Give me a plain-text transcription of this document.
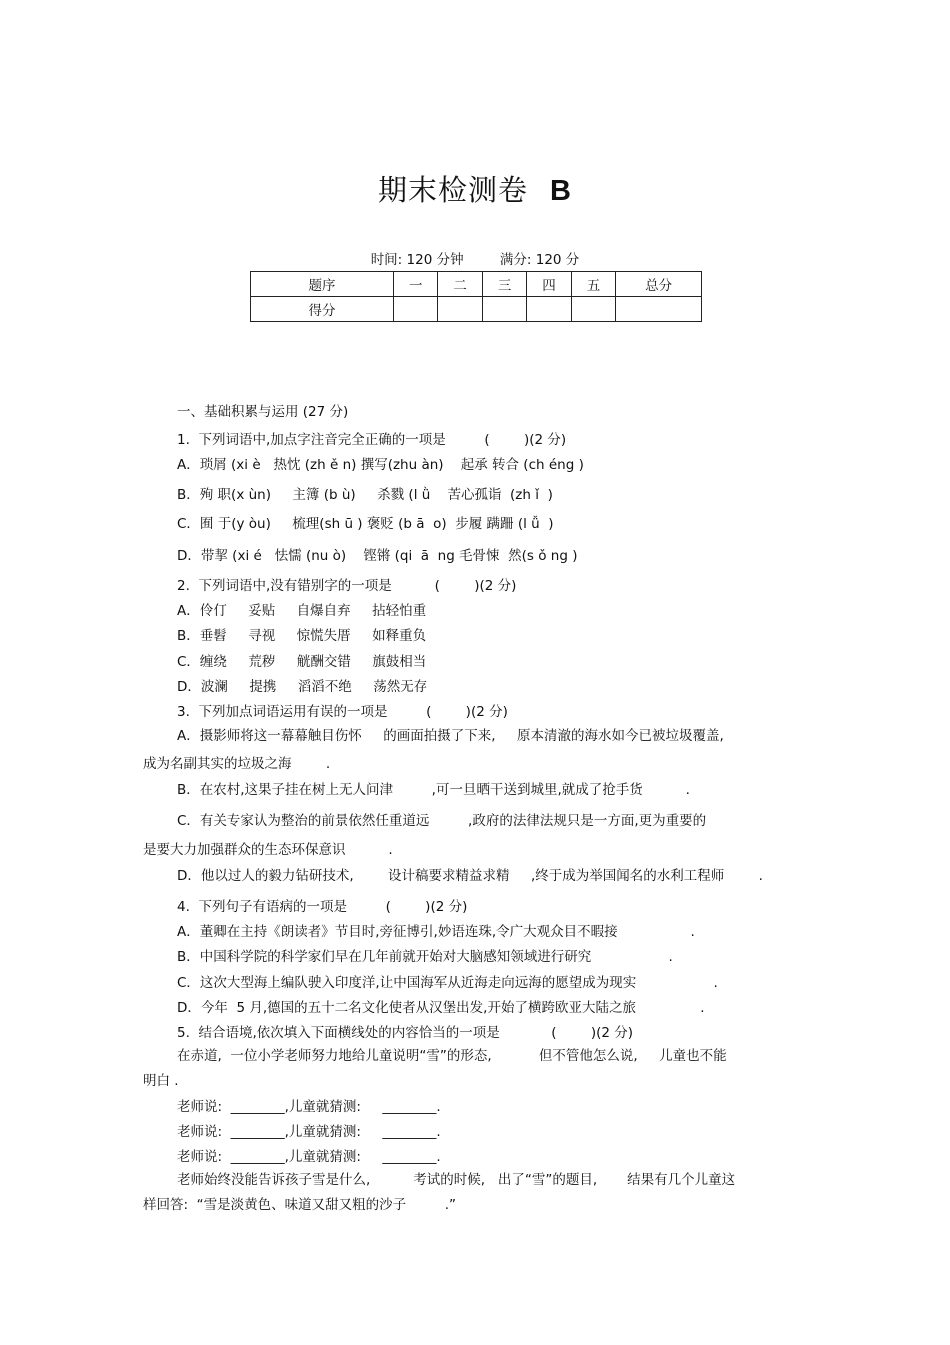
期末检测卷 B
时间: 120 分钟	满分: 120 分
题序	一	二	三	四	五	总分
得分						
一、基础积累与运用 (27 分)
1.  下列词语中,加点字注音完全正确的一项是         (        )(2 分)
A．琐屑 (xi è   热忱 (zh ě n) 撰写(zhu àn)    起承 转合 (ch éng )
B．殉 职(x ùn)     主簿 (b ù)     杀戮 (l ǜ    苦心孤诣  (zh ǐ  )
C．囿 于(y òu)     梳理(sh ū ) 褒贬 (b ā  o)  步履 蹒跚 (l ǚ  )
D．带挈 (xi é   怯懦 (nu ò)    铿锵 (qi  ā  ng 毛骨悚  然(s ǒ ng )
2.  下列词语中,没有错别字的一项是          (        )(2 分)
A．伶仃     妥贴     自爆自弃     拈轻怕重
B．垂髫     寻视     惊慌失厝     如释重负
C．缠绕     荒秽     觥酬交错     旗鼓相当
D．波澜     提携     滔滔不绝     荡然无存
3.  下列加点词语运用有误的一项是         (        )(2 分)
A．摄影师将这一幕幕触目伤怀     的画面拍摄了下来,     原本清澈的海水如今已被垃圾覆盖,
成为名副其实的垃圾之海        .
B．在农村,这果子挂在树上无人问津         ,可一旦晒干送到城里,就成了抢手货          .
C．有关专家认为整治的前景依然任重道远         ,政府的法律法规只是一方面,更为重要的
是要大力加强群众的生态环保意识          .
D．他以过人的毅力钻研技术,        设计稿要求精益求精     ,终于成为举国闻名的水利工程师        .
4.  下列句子有语病的一项是         (        )(2 分)
A．董卿在主持《朗读者》节目时,旁征博引,妙语连珠,令广大观众目不暇接                 .
B．中国科学院的科学家们早在几年前就开始对大脑感知领域进行研究                  .
C．这次大型海上编队驶入印度洋,让中国海军从近海走向远海的愿望成为现实                  .
D．今年  5 月,德国的五十二名文化使者从汉堡出发,开始了横跨欧亚大陆之旅               .
5.  结合语境,依次填入下面横线处的内容恰当的一项是            (        )(2 分)
在赤道,  一位小学老师努力地给儿童说明“雪”的形态,           但不管他怎么说,     儿童也不能
明白 .
老师说:  ________,儿童就猜测:     ________.
老师说:  ________,儿童就猜测:     ________.
老师说:  ________,儿童就猜测:     ________.
老师始终没能告诉孩子雪是什么,          考试的时候,   出了“雪”的题目,       结果有几个儿童这
样回答:  “雪是淡黄色、味道又甜又粗的沙子         .”
